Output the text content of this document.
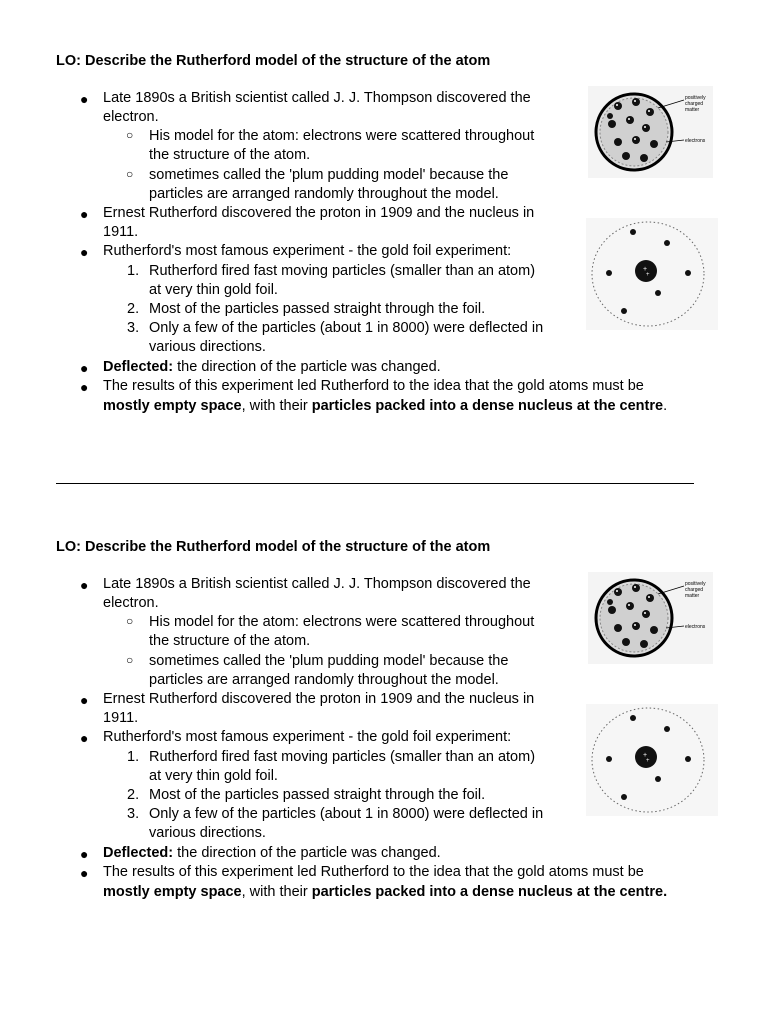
LO: Describe the Rutherford model of the structure of the atom
● Late 1890s a British scientist called J. J. Thompson discovered the
electron.
○ His model for the atom: electrons were scattered throughout
the structure of the atom.
○ sometimes called the 'plum pudding model' because the
particles are arranged randomly throughout the model.
● Ernest Rutherford discovered the proton in 1909 and the nucleus in
1911.
● Rutherford's most famous experiment - the gold foil experiment:
1. Rutherford fired fast moving particles (smaller than an atom)
at very thin gold foil.
2. Most of the particles passed straight through the foil.
3. Only a few of the particles (about 1 in 8000) were deflected in
various directions.
● Deflected: the direction of the particle was changed.
● The results of this experiment led Rutherford to the idea that the gold atoms must be
mostly empty space, with their particles packed into a dense nucleus at the centre.
positively
charged
matter
electrons
+
+
LO: Describe the Rutherford model of the structure of the atom
● Late 1890s a British scientist called J. J. Thompson discovered the
electron.
○ His model for the atom: electrons were scattered throughout
the structure of the atom.
○ sometimes called the 'plum pudding model' because the
particles are arranged randomly throughout the model.
● Ernest Rutherford discovered the proton in 1909 and the nucleus in
1911.
● Rutherford's most famous experiment - the gold foil experiment:
1. Rutherford fired fast moving particles (smaller than an atom)
at very thin gold foil.
2. Most of the particles passed straight through the foil.
3. Only a few of the particles (about 1 in 8000) were deflected in
various directions.
● Deflected: the direction of the particle was changed.
● The results of this experiment led Rutherford to the idea that the gold atoms must be
mostly empty space, with their particles packed into a dense nucleus at the centre.
positively
charged
matter
electrons
+
+
